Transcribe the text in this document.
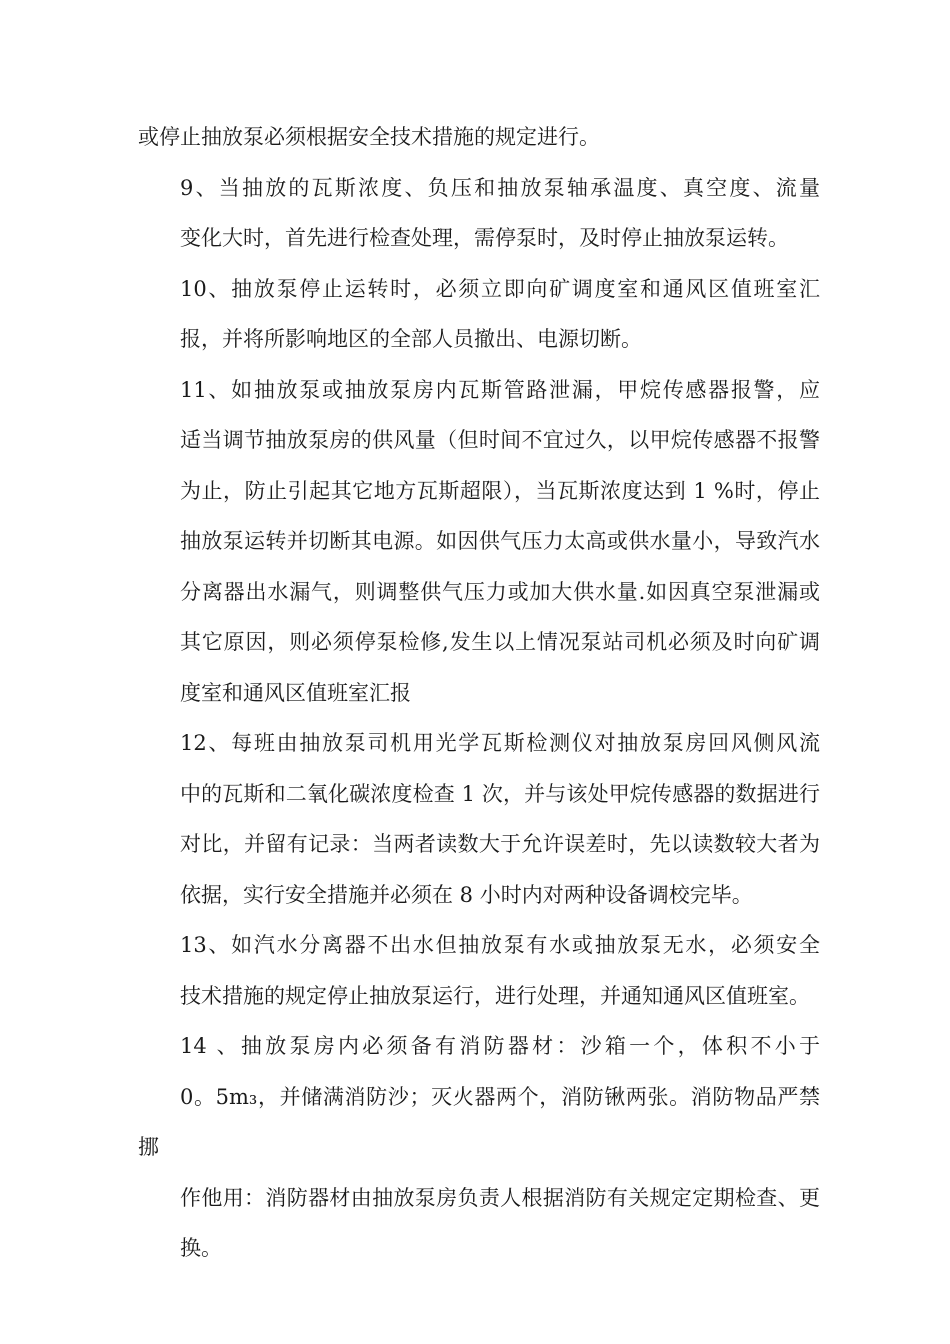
或停止抽放泵必须根据安全技术措施的规定进行。

9、当抽放的瓦斯浓度、负压和抽放泵轴承温度、真空度、流量
变化大时，首先进行检查处理，需停泵时，及时停止抽放泵运转。

10、抽放泵停止运转时，必须立即向矿调度室和通风区值班室汇
报，并将所影响地区的全部人员撤出、电源切断。

11、如抽放泵或抽放泵房内瓦斯管路泄漏，甲烷传感器报警，应
适当调节抽放泵房的供风量（但时间不宜过久，以甲烷传感器不报警
为止，防止引起其它地方瓦斯超限），当瓦斯浓度达到 1 %时，停止
抽放泵运转并切断其电源。如因供气压力太高或供水量小，导致汽水
分离器出水漏气，则调整供气压力或加大供水量.如因真空泵泄漏或
其它原因，则必须停泵检修,发生以上情况泵站司机必须及时向矿调
度室和通风区值班室汇报

12、每班由抽放泵司机用光学瓦斯检测仪对抽放泵房回风侧风流
中的瓦斯和二氧化碳浓度检查 1 次，并与该处甲烷传感器的数据进行
对比，并留有记录：当两者读数大于允许误差时，先以读数较大者为
依据，实行安全措施并必须在 8 小时内对两种设备调校完毕。

13、如汽水分离器不出水但抽放泵有水或抽放泵无水，必须安全
技术措施的规定停止抽放泵运行，进行处理，并通知通风区值班室。

14 、抽放泵房内必须备有消防器材：沙箱一个，体积不小于
0。5m₃，并储满消防沙；灭火器两个，消防锹两张。消防物品严禁挪
作他用：消防器材由抽放泵房负责人根据消防有关规定定期检查、更
换。
